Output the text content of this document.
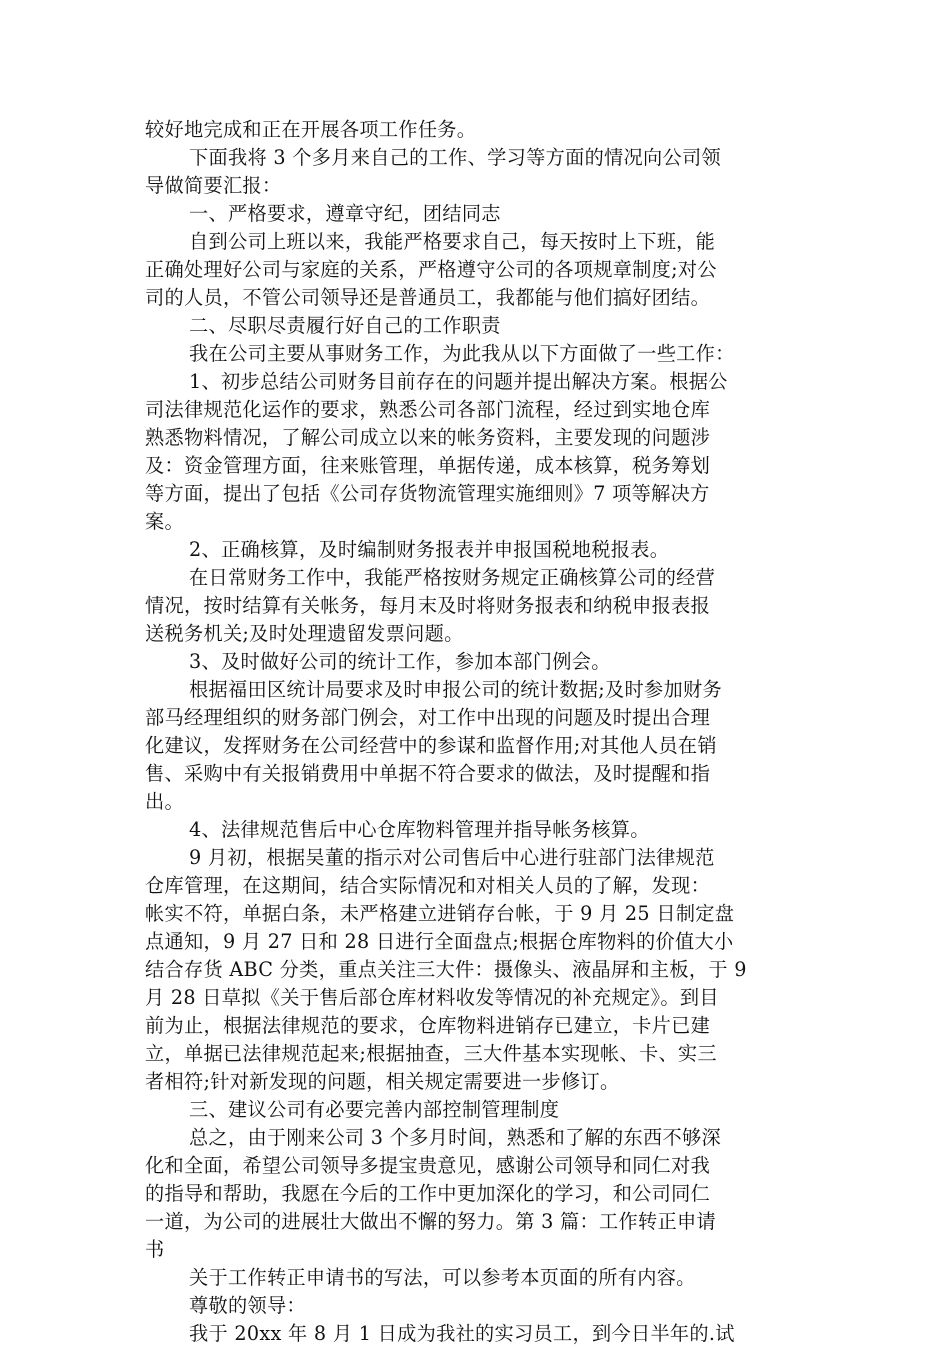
较好地完成和正在开展各项工作任务。
下面我将 3 个多月来自己的工作、学习等方面的情况向公司领
导做简要汇报：
一、严格要求，遵章守纪，团结同志
自到公司上班以来，我能严格要求自己，每天按时上下班，能
正确处理好公司与家庭的关系，严格遵守公司的各项规章制度;对公
司的人员，不管公司领导还是普通员工，我都能与他们搞好团结。
二、尽职尽责履行好自己的工作职责
我在公司主要从事财务工作，为此我从以下方面做了一些工作：
1、初步总结公司财务目前存在的问题并提出解决方案。根据公
司法律规范化运作的要求，熟悉公司各部门流程，经过到实地仓库
熟悉物料情况，了解公司成立以来的帐务资料，主要发现的问题涉
及：资金管理方面，往来账管理，单据传递，成本核算，税务筹划
等方面，提出了包括《公司存货物流管理实施细则》7 项等解决方
案。
2、正确核算，及时编制财务报表并申报国税地税报表。
在日常财务工作中，我能严格按财务规定正确核算公司的经营
情况，按时结算有关帐务，每月末及时将财务报表和纳税申报表报
送税务机关;及时处理遗留发票问题。
3、及时做好公司的统计工作，参加本部门例会。
根据福田区统计局要求及时申报公司的统计数据;及时参加财务
部马经理组织的财务部门例会，对工作中出现的问题及时提出合理
化建议，发挥财务在公司经营中的参谋和监督作用;对其他人员在销
售、采购中有关报销费用中单据不符合要求的做法，及时提醒和指
出。
4、法律规范售后中心仓库物料管理并指导帐务核算。
9 月初，根据吴董的指示对公司售后中心进行驻部门法律规范
仓库管理，在这期间，结合实际情况和对相关人员的了解，发现：
帐实不符，单据白条，未严格建立进销存台帐，于 9 月 25 日制定盘
点通知，9 月 27 日和 28 日进行全面盘点;根据仓库物料的价值大小
结合存货 ABC 分类，重点关注三大件：摄像头、液晶屏和主板，于 9
月 28 日草拟《关于售后部仓库材料收发等情况的补充规定》。到目
前为止，根据法律规范的要求，仓库物料进销存已建立，卡片已建
立，单据已法律规范起来;根据抽查，三大件基本实现帐、卡、实三
者相符;针对新发现的问题，相关规定需要进一步修订。
三、建议公司有必要完善内部控制管理制度
总之，由于刚来公司 3 个多月时间，熟悉和了解的东西不够深
化和全面，希望公司领导多提宝贵意见，感谢公司领导和同仁对我
的指导和帮助，我愿在今后的工作中更加深化的学习，和公司同仁
一道，为公司的进展壮大做出不懈的努力。第 3 篇：工作转正申请
书
关于工作转正申请书的写法，可以参考本页面的所有内容。
尊敬的领导：
我于 20xx 年 8 月 1 日成为我社的实习员工，到今日半年的.试
